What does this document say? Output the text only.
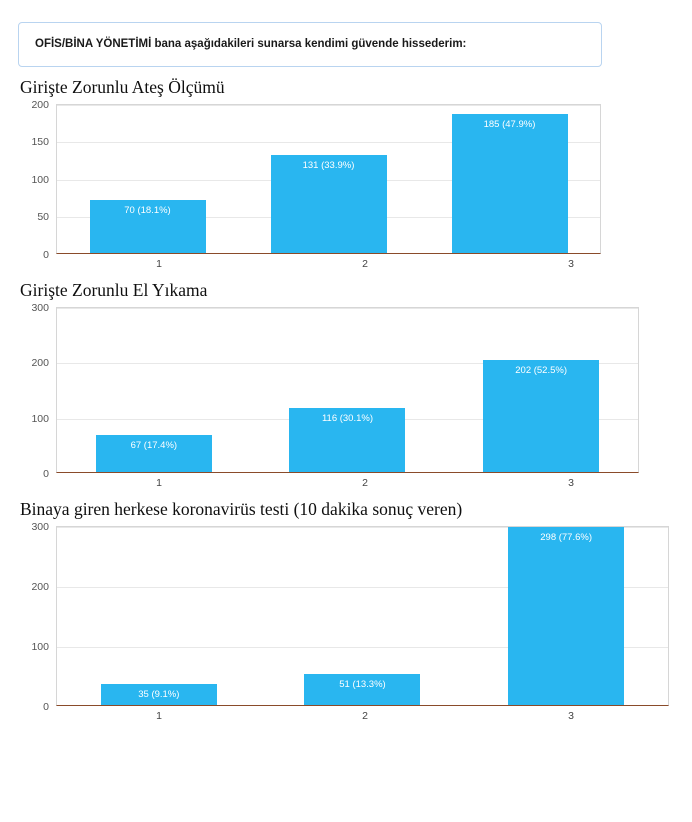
OFİS/BİNA YÖNETİMİ bana aşağıdakileri sunarsa kendimi güvende hissederim:
Girişte Zorunlu Ateş Ölçümü
0
50
100
150
200
70 (18.1%)
131 (33.9%)
185 (47.9%)
1	2	3
Girişte Zorunlu El Yıkama
0
100
200
300
67 (17.4%)
116 (30.1%)
202 (52.5%)
1	2	3
Binaya giren herkese koronavirüs testi (10 dakika sonuç veren)
0
100
200
300
35 (9.1%)
51 (13.3%)
298 (77.6%)
1	2	3
